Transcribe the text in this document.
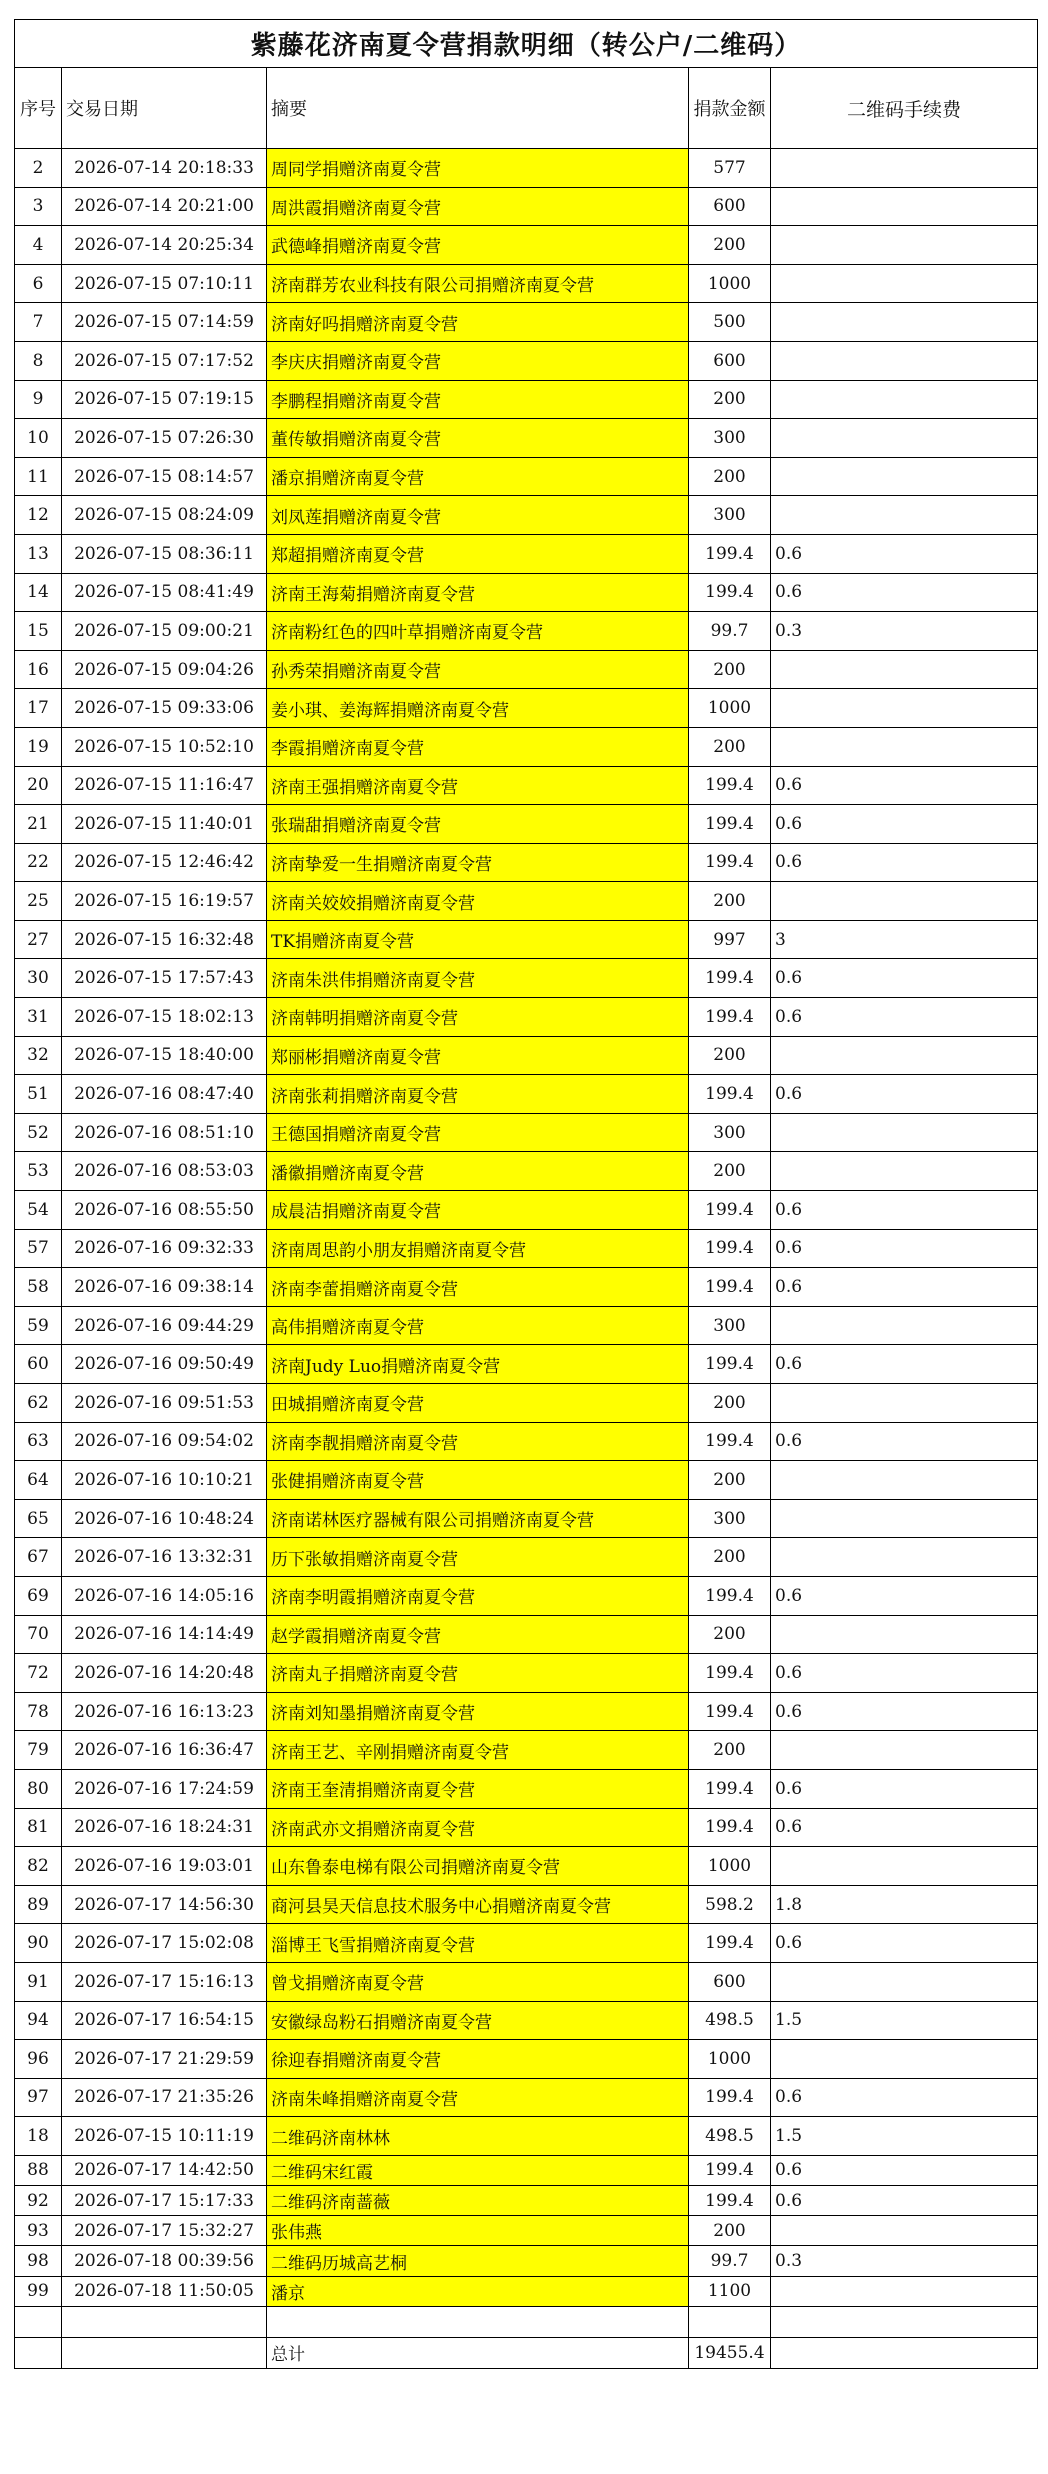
紫藤花济南夏令营捐款明细（转公户/二维码）				
序号	交易日期	摘要	捐款金额	二维码手续费
2	2026-07-14 20:18:33	周同学捐赠济南夏令营	577	
3	2026-07-14 20:21:00	周洪霞捐赠济南夏令营	600	
4	2026-07-14 20:25:34	武德峰捐赠济南夏令营	200	
6	2026-07-15 07:10:11	济南群芳农业科技有限公司捐赠济南夏令营	1000	
7	2026-07-15 07:14:59	济南好吗捐赠济南夏令营	500	
8	2026-07-15 07:17:52	李庆庆捐赠济南夏令营	600	
9	2026-07-15 07:19:15	李鹏程捐赠济南夏令营	200	
10	2026-07-15 07:26:30	董传敏捐赠济南夏令营	300	
11	2026-07-15 08:14:57	潘京捐赠济南夏令营	200	
12	2026-07-15 08:24:09	刘凤莲捐赠济南夏令营	300	
13	2026-07-15 08:36:11	郑超捐赠济南夏令营	199.4	0.6
14	2026-07-15 08:41:49	济南王海菊捐赠济南夏令营	199.4	0.6
15	2026-07-15 09:00:21	济南粉红色的四叶草捐赠济南夏令营	99.7	0.3
16	2026-07-15 09:04:26	孙秀荣捐赠济南夏令营	200	
17	2026-07-15 09:33:06	姜小琪、姜海辉捐赠济南夏令营	1000	
19	2026-07-15 10:52:10	李霞捐赠济南夏令营	200	
20	2026-07-15 11:16:47	济南王强捐赠济南夏令营	199.4	0.6
21	2026-07-15 11:40:01	张瑞甜捐赠济南夏令营	199.4	0.6
22	2026-07-15 12:46:42	济南挚爱一生捐赠济南夏令营	199.4	0.6
25	2026-07-15 16:19:57	济南关姣姣捐赠济南夏令营	200	
27	2026-07-15 16:32:48	TK捐赠济南夏令营	997	3
30	2026-07-15 17:57:43	济南朱洪伟捐赠济南夏令营	199.4	0.6
31	2026-07-15 18:02:13	济南韩明捐赠济南夏令营	199.4	0.6
32	2026-07-15 18:40:00	郑丽彬捐赠济南夏令营	200	
51	2026-07-16 08:47:40	济南张莉捐赠济南夏令营	199.4	0.6
52	2026-07-16 08:51:10	王德国捐赠济南夏令营	300	
53	2026-07-16 08:53:03	潘徽捐赠济南夏令营	200	
54	2026-07-16 08:55:50	成晨洁捐赠济南夏令营	199.4	0.6
57	2026-07-16 09:32:33	济南周思韵小朋友捐赠济南夏令营	199.4	0.6
58	2026-07-16 09:38:14	济南李蕾捐赠济南夏令营	199.4	0.6
59	2026-07-16 09:44:29	高伟捐赠济南夏令营	300	
60	2026-07-16 09:50:49	济南Judy Luo捐赠济南夏令营	199.4	0.6
62	2026-07-16 09:51:53	田城捐赠济南夏令营	200	
63	2026-07-16 09:54:02	济南李靓捐赠济南夏令营	199.4	0.6
64	2026-07-16 10:10:21	张健捐赠济南夏令营	200	
65	2026-07-16 10:48:24	济南诺林医疗器械有限公司捐赠济南夏令营	300	
67	2026-07-16 13:32:31	历下张敏捐赠济南夏令营	200	
69	2026-07-16 14:05:16	济南李明霞捐赠济南夏令营	199.4	0.6
70	2026-07-16 14:14:49	赵学霞捐赠济南夏令营	200	
72	2026-07-16 14:20:48	济南丸子捐赠济南夏令营	199.4	0.6
78	2026-07-16 16:13:23	济南刘知墨捐赠济南夏令营	199.4	0.6
79	2026-07-16 16:36:47	济南王艺、辛刚捐赠济南夏令营	200	
80	2026-07-16 17:24:59	济南王奎清捐赠济南夏令营	199.4	0.6
81	2026-07-16 18:24:31	济南武亦文捐赠济南夏令营	199.4	0.6
82	2026-07-16 19:03:01	山东鲁泰电梯有限公司捐赠济南夏令营	1000	
89	2026-07-17 14:56:30	商河县昊天信息技术服务中心捐赠济南夏令营	598.2	1.8
90	2026-07-17 15:02:08	淄博王飞雪捐赠济南夏令营	199.4	0.6
91	2026-07-17 15:16:13	曾戈捐赠济南夏令营	600	
94	2026-07-17 16:54:15	安徽绿岛粉石捐赠济南夏令营	498.5	1.5
96	2026-07-17 21:29:59	徐迎春捐赠济南夏令营	1000	
97	2026-07-17 21:35:26	济南朱峰捐赠济南夏令营	199.4	0.6
18	2026-07-15 10:11:19	二维码济南林林	498.5	1.5
88	2026-07-17 14:42:50	二维码宋红霞	199.4	0.6
92	2026-07-17 15:17:33	二维码济南蔷薇	199.4	0.6
93	2026-07-17 15:32:27	张伟燕	200	
98	2026-07-18 00:39:56	二维码历城高艺桐	99.7	0.3
99	2026-07-18 11:50:05	潘京	1100	

		总计	19455.4	
